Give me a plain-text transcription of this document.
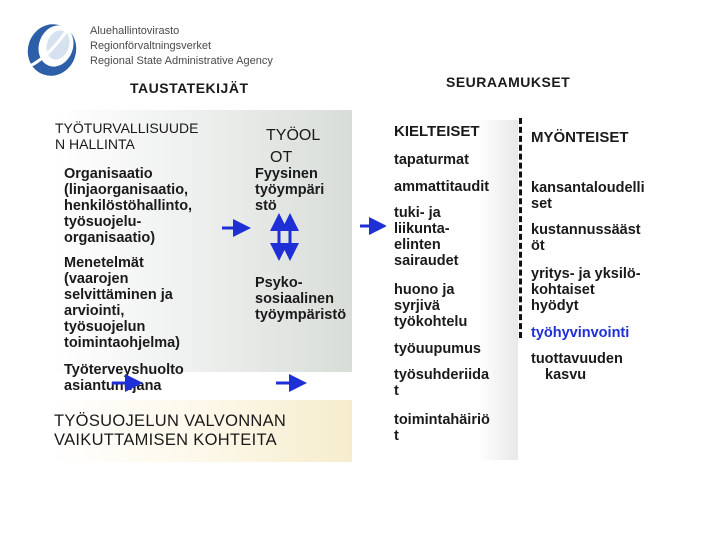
Aluehallintovirasto
Regionförvaltningsverket
Regional State Administrative Agency
TAUSTATEKIJÄT	SEURAAMUKSET
TYÖSUOJELUN VALVONNAN
VAIKUTTAMISEN KOHTEITA
TYÖTURVALLISUUDE
N HALLINTA
Organisaatio
(linjaorganisaatio,
henkilöstöhallinto,
työsuojelu-
organisaatio)
Menetelmät
(vaarojen
selvittäminen ja
arviointi,
työsuojelun
toimintaohjelma)
Työterveyshuolto
asiantuntijana
TYÖOL
OT
Fyysinen
työympäri
stö
Psyko-
sosiaalinen
työympäristö
KIELTEISET
tapaturmat
ammattitaudit
tuki- ja
liikunta-
elinten
sairaudet
huono ja
syrjivä
työkohtelu
työuupumus
työsuhderiida
t
toimintahäiriö
t
MYÖNTEISET
kansantaloudelli
set
kustannussääst
öt
yritys- ja yksilö-
kohtaiset
hyödyt
työhyvinvointi
tuottavuuden
kasvu
